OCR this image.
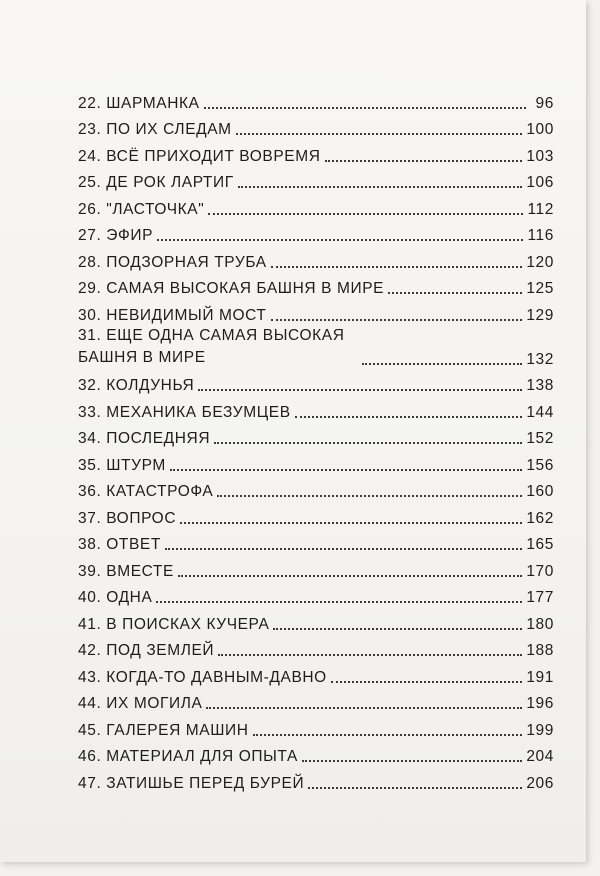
22. ШАРМАНКА	96
23. ПО ИХ СЛЕДАМ	100
24. ВСЁ ПРИХОДИТ ВОВРЕМЯ	103
25. ДЕ РОК ЛАРТИГ	106
26. "ЛАСТОЧКА"	112
27. ЭФИР	116
28. ПОДЗОРНАЯ ТРУБА	120
29. САМАЯ ВЫСОКАЯ БАШНЯ В МИРЕ	125
30. НЕВИДИМЫЙ МОСТ	129
31. ЕЩЕ ОДНА САМАЯ ВЫСОКАЯ БАШНЯ В МИРЕ	132
32. КОЛДУНЬЯ	138
33. МЕХАНИКА БЕЗУМЦЕВ	144
34. ПОСЛЕДНЯЯ	152
35. ШТУРМ	156
36. КАТАСТРОФА	160
37. ВОПРОС	162
38. ОТВЕТ	165
39. ВМЕСТЕ	170
40. ОДНА	177
41. В ПОИСКАХ КУЧЕРА	180
42. ПОД ЗЕМЛЕЙ	188
43. КОГДА-ТО ДАВНЫМ-ДАВНО	191
44. ИХ МОГИЛА	196
45. ГАЛЕРЕЯ МАШИН	199
46. МАТЕРИАЛ ДЛЯ ОПЫТА	204
47. ЗАТИШЬЕ ПЕРЕД БУРЕЙ	206
